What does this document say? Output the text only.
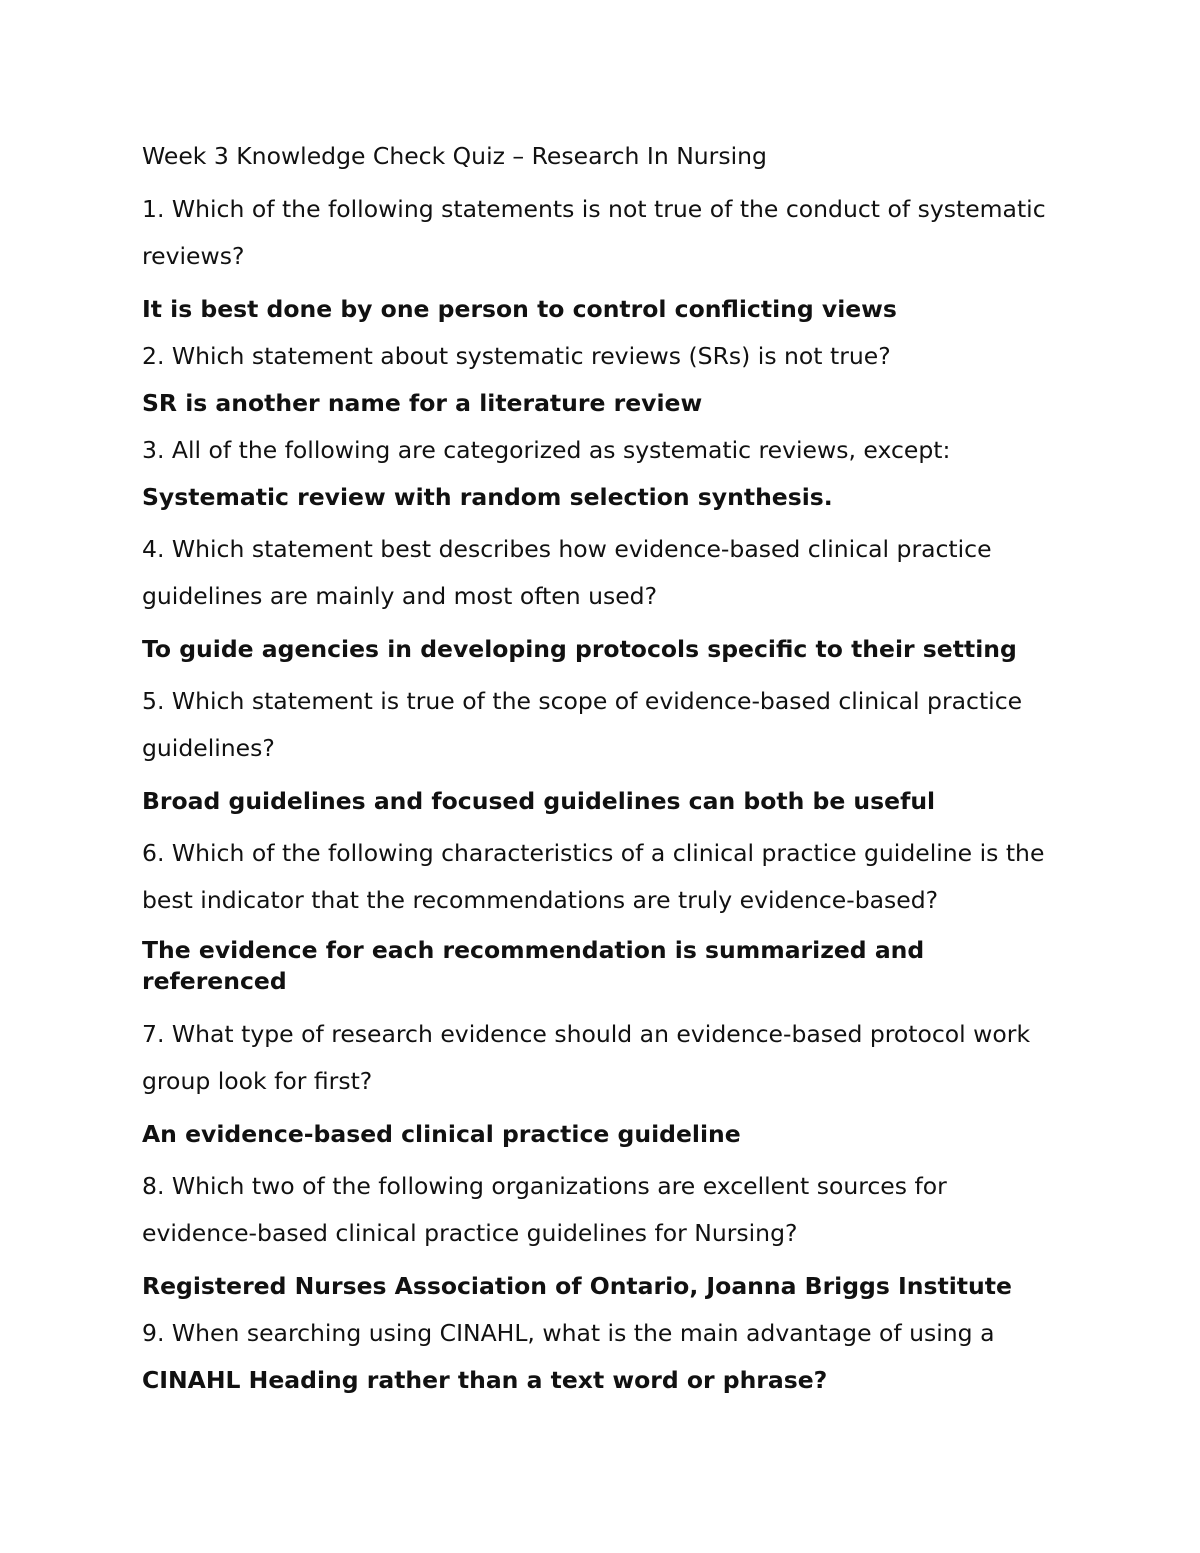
Week 3 Knowledge Check Quiz – Research In Nursing
1. Which of the following statements is not true of the conduct of systematic reviews?
It is best done by one person to control conflicting views
2. Which statement about systematic reviews (SRs) is not true?
SR is another name for a literature review
3. All of the following are categorized as systematic reviews, except:
Systematic review with random selection synthesis.
4. Which statement best describes how evidence-based clinical practice guidelines are mainly and most often used?
To guide agencies in developing protocols specific to their setting
5. Which statement is true of the scope of evidence-based clinical practice guidelines?
Broad guidelines and focused guidelines can both be useful
6. Which of the following characteristics of a clinical practice guideline is the best indicator that the recommendations are truly evidence-based?
The evidence for each recommendation is summarized and referenced
7. What type of research evidence should an evidence-based protocol work group look for first?
An evidence-based clinical practice guideline
8. Which two of the following organizations are excellent sources for evidence-based clinical practice guidelines for Nursing?
Registered Nurses Association of Ontario, Joanna Briggs Institute
9. When searching using CINAHL, what is the main advantage of using a
CINAHL Heading rather than a text word or phrase?
